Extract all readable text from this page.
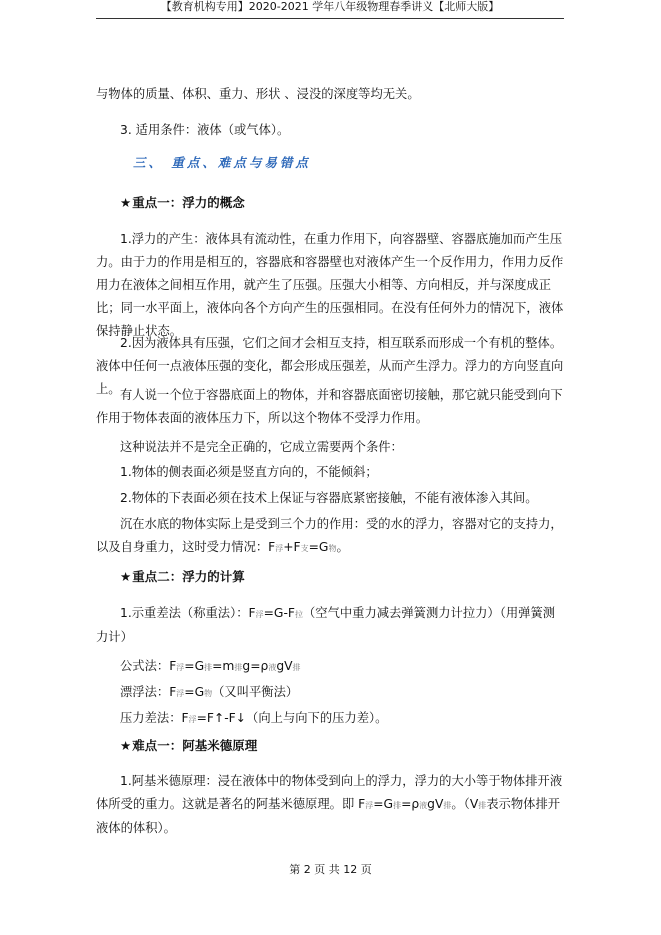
【教育机构专用】2020-2021 学年八年级物理春季讲义【北师大版】

与物体的质量、体积、重力、形状 、浸没的深度等均无关。

3. 适用条件：液体（或气体）。

三、 重点、难点与易错点
★重点一：浮力的概念

1.浮力的产生：液体具有流动性，在重力作用下，向容器壁、容器底施加而产生压力。由于力的作用是相互的，容器底和容器壁也对液体产生一个反作用力，作用力反作用力在液体之间相互作用，就产生了压强。压强大小相等、方向相反，并与深度成正比；同一水平面上，液体向各个方向产生的压强相同。在没有任何外力的情况下，液体保持静止状态。

2.因为液体具有压强，它们之间才会相互支持，相互联系而形成一个有机的整体。液体中任何一点液体压强的变化，都会形成压强差，从而产生浮力。浮力的方向竖直向上。 有人说一个位于容器底面上的物体，并和容器底面密切接触，那它就只能受到向下作用于物体表面的液体压力下，所以这个物体不受浮力作用。

这种说法并不是完全正确的，它成立需要两个条件：

1.物体的侧表面必须是竖直方向的，不能倾斜；

2.物体的下表面必须在技术上保证与容器底紧密接触，不能有液体渗入其间。

沉在水底的物体实际上是受到三个力的作用：受的水的浮力，容器对它的支持力，以及自身重力，这时受力情况：F浮+F支=G物。

★重点二：浮力的计算

1.示重差法（称重法）：F浮=G-F拉（空气中重力减去弹簧测力计拉力）（用弹簧测力计）

公式法：F浮=G排=m排g=ρ液gV排
漂浮法：F浮=G物（又叫平衡法）
压力差法：F浮=F↑-F↓（向上与向下的压力差）。
★难点一：阿基米德原理

1.阿基米德原理：浸在液体中的物体受到向上的浮力，浮力的大小等于物体排开液体所受的重力。这就是著名的阿基米德原理。即 F浮=G排=ρ液gV排。（V排表示物体排开液体的体积）。

第 2 页 共 12 页
